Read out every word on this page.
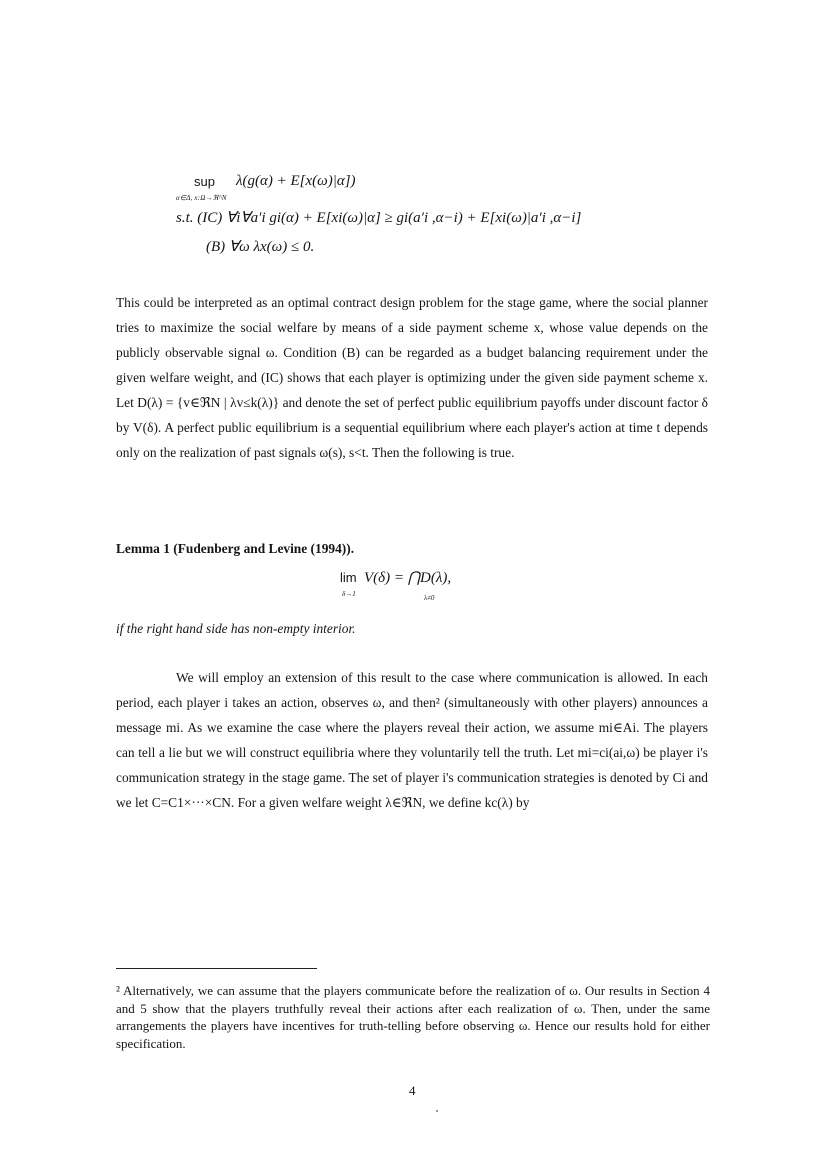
sup
α∈Δ, x:Ω→ℜ^N
λ(g(α) + E[x(ω)|α])
s.t. (IC) ∀i∀a′i gi(α) + E[xi(ω)|α] ≥ gi(a′i ,α−i) + E[xi(ω)|a′i ,α−i]
(B) ∀ω λx(ω) ≤ 0.

This could be interpreted as an optimal contract design problem for the stage game, where the social planner tries to maximize the social welfare by means of a side payment scheme x, whose value depends on the publicly observable signal ω. Condition (B) can be regarded as a budget balancing requirement under the given welfare weight, and (IC) shows that each player is optimizing under the given side payment scheme x. Let D(λ) = {v∈ℜN | λv≤k(λ)} and denote the set of perfect public equilibrium payoffs under discount factor δ by V(δ). A perfect public equilibrium is a sequential equilibrium where each player's action at time t depends only on the realization of past signals ω(s), s<t. Then the following is true.

Lemma 1 (Fudenberg and Levine (1994)).
lim V(δ) = ⋂D(λ),
δ→1	λ≠0
if the right hand side has non-empty interior.

We will employ an extension of this result to the case where communication is allowed. In each period, each player i takes an action, observes ω, and then² (simultaneously with other players) announces a message mi. As we examine the case where the players reveal their action, we assume mi∈Ai. The players can tell a lie but we will construct equilibria where they voluntarily tell the truth. Let mi=ci(ai,ω) be player i's communication strategy in the stage game. The set of player i's communication strategies is denoted by Ci and we let C=C1×···×CN. For a given welfare weight λ∈ℜN, we define kc(λ) by

² Alternatively, we can assume that the players communicate before the realization of ω. Our results in Section 4 and 5 show that the players truthfully reveal their actions after each realization of ω. Then, under the same arrangements the players have incentives for truth-telling before observing ω. Hence our results hold for either specification.

4
